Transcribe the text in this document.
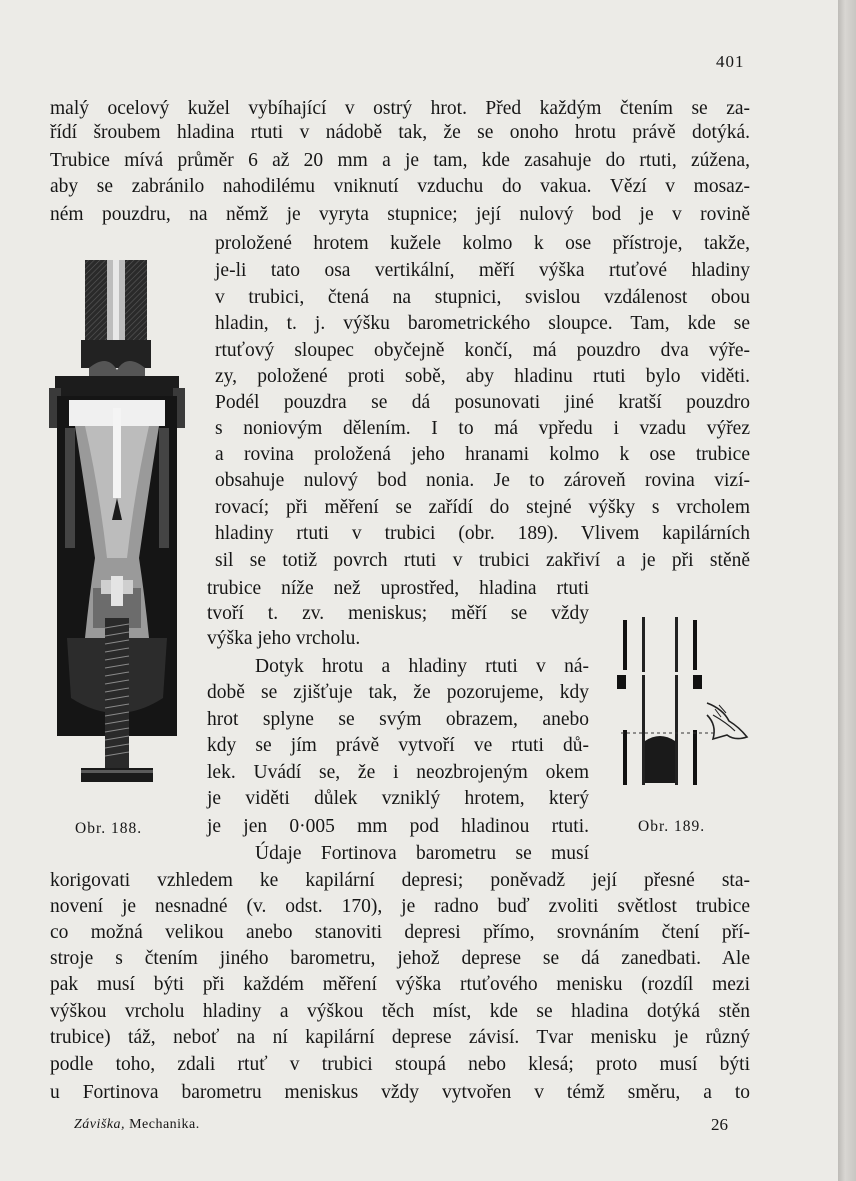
401
malý ocelový kužel vybíhající v ostrý hrot. Před každým čtením se za-
řídí šroubem hladina rtuti v nádobě tak, že se onoho hrotu právě dotýká.
Trubice mívá průměr 6 až 20 mm a je tam, kde zasahuje do rtuti, zúžena,
aby se zabránilo nahodilému vniknutí vzduchu do vakua. Vězí v mosaz-
ném pouzdru, na němž je vyryta stupnice; její nulový bod je v rovině
proložené hrotem kužele kolmo k ose přístroje, takže,
je-li tato osa vertikální, měří výška rtuťové hladiny
v trubici, čtená na stupnici, svislou vzdálenost obou
hladin, t. j. výšku barometrického sloupce. Tam, kde se
rtuťový sloupec obyčejně končí, má pouzdro dva výře-
zy, položené proti sobě, aby hladinu rtuti bylo viděti.
Podél pouzdra se dá posunovati jiné kratší pouzdro
s noniovým dělením. I to má vpředu i vzadu výřez
a rovina proložená jeho hranami kolmo k ose trubice
obsahuje nulový bod nonia. Je to zároveň rovina vizí-
rovací; při měření se zařídí do stejné výšky s vrcholem
hladiny rtuti v trubici (obr. 189). Vlivem kapilárních
sil se totiž povrch rtuti v trubici zakřiví a je při stěně
trubice níže než uprostřed, hladina rtuti
tvoří t. zv. meniskus; měří se vždy
výška jeho vrcholu.
Dotyk hrotu a hladiny rtuti v ná-
době se zjišťuje tak, že pozorujeme, kdy
hrot splyne se svým obrazem, anebo
kdy se jím právě vytvoří ve rtuti dů-
lek. Uvádí se, že i neozbrojeným okem
je viděti důlek vzniklý hrotem, který
je jen 0·005 mm pod hladinou rtuti.
Údaje Fortinova barometru se musí
korigovati vzhledem ke kapilární depresi; poněvadž její přesné sta-
novení je nesnadné (v. odst. 170), je radno buď zvoliti světlost trubice
co možná velikou anebo stanoviti depresi přímo, srovnáním čtení pří-
stroje s čtením jiného barometru, jehož deprese se dá zanedbati. Ale
pak musí býti při každém měření výška rtuťového menisku (rozdíl mezi
výškou vrcholu hladiny a výškou těch míst, kde se hladina dotýká stěn
trubice) táž, neboť na ní kapilární deprese závisí. Tvar menisku je různý
podle toho, zdali rtuť v trubici stoupá nebo klesá; proto musí býti
u Fortinova barometru meniskus vždy vytvořen v témž směru, a to
Obr. 188.	Obr. 189.
Záviška, Mechanika.	26
